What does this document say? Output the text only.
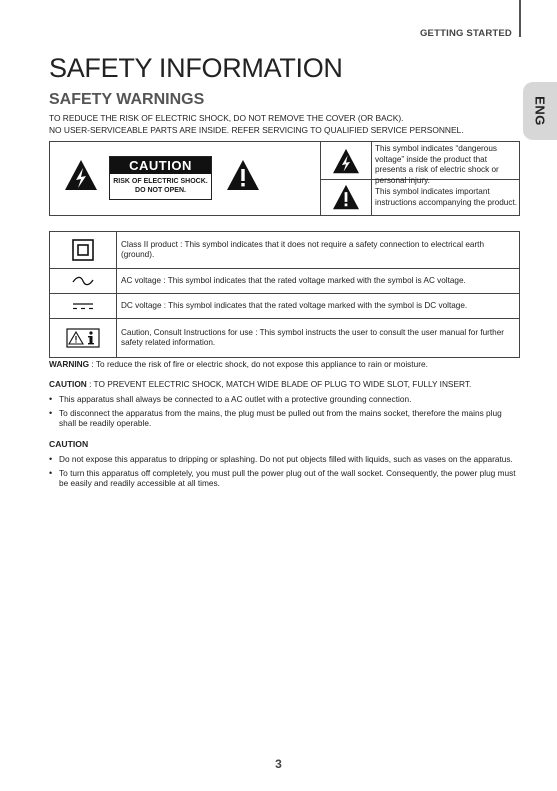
GETTING STARTED
ENG
SAFETY INFORMATION
SAFETY WARNINGS
TO REDUCE THE RISK OF ELECTRIC SHOCK, DO NOT REMOVE THE COVER (OR BACK).
NO USER-SERVICEABLE PARTS ARE INSIDE. REFER SERVICING TO QUALIFIED SERVICE PERSONNEL.
CAUTION
RISK OF ELECTRIC SHOCK.
DO NOT OPEN.
This symbol indicates “dangerous voltage” inside the product that presents a risk of electric shock or personal injury.
This symbol indicates important instructions accompanying the product.
	Class II product : This symbol indicates that it does not require a safety connection to electrical earth (ground).

	AC voltage : This symbol indicates that the rated voltage marked with the symbol is AC voltage.

	DC voltage : This symbol indicates that the rated voltage marked with the symbol is DC voltage.

	Caution, Consult Instructions for use : This symbol instructs the user to consult the user manual for further safety related information.

WARNING : To reduce the risk of fire or electric shock, do not expose this appliance to rain or moisture.

CAUTION : TO PREVENT ELECTRIC SHOCK, MATCH WIDE BLADE OF PLUG TO WIDE SLOT, FULLY INSERT.

• This apparatus shall always be connected to a AC outlet with a protective grounding connection.
• To disconnect the apparatus from the mains, the plug must be pulled out from the mains socket, therefore the mains plug shall be readily operable.
CAUTION
• Do not expose this apparatus to dripping or splashing. Do not put objects filled with liquids, such as vases on the apparatus.
• To turn this apparatus off completely, you must pull the power plug out of the wall socket. Consequently, the power plug must be easily and readily accessible at all times.
3
